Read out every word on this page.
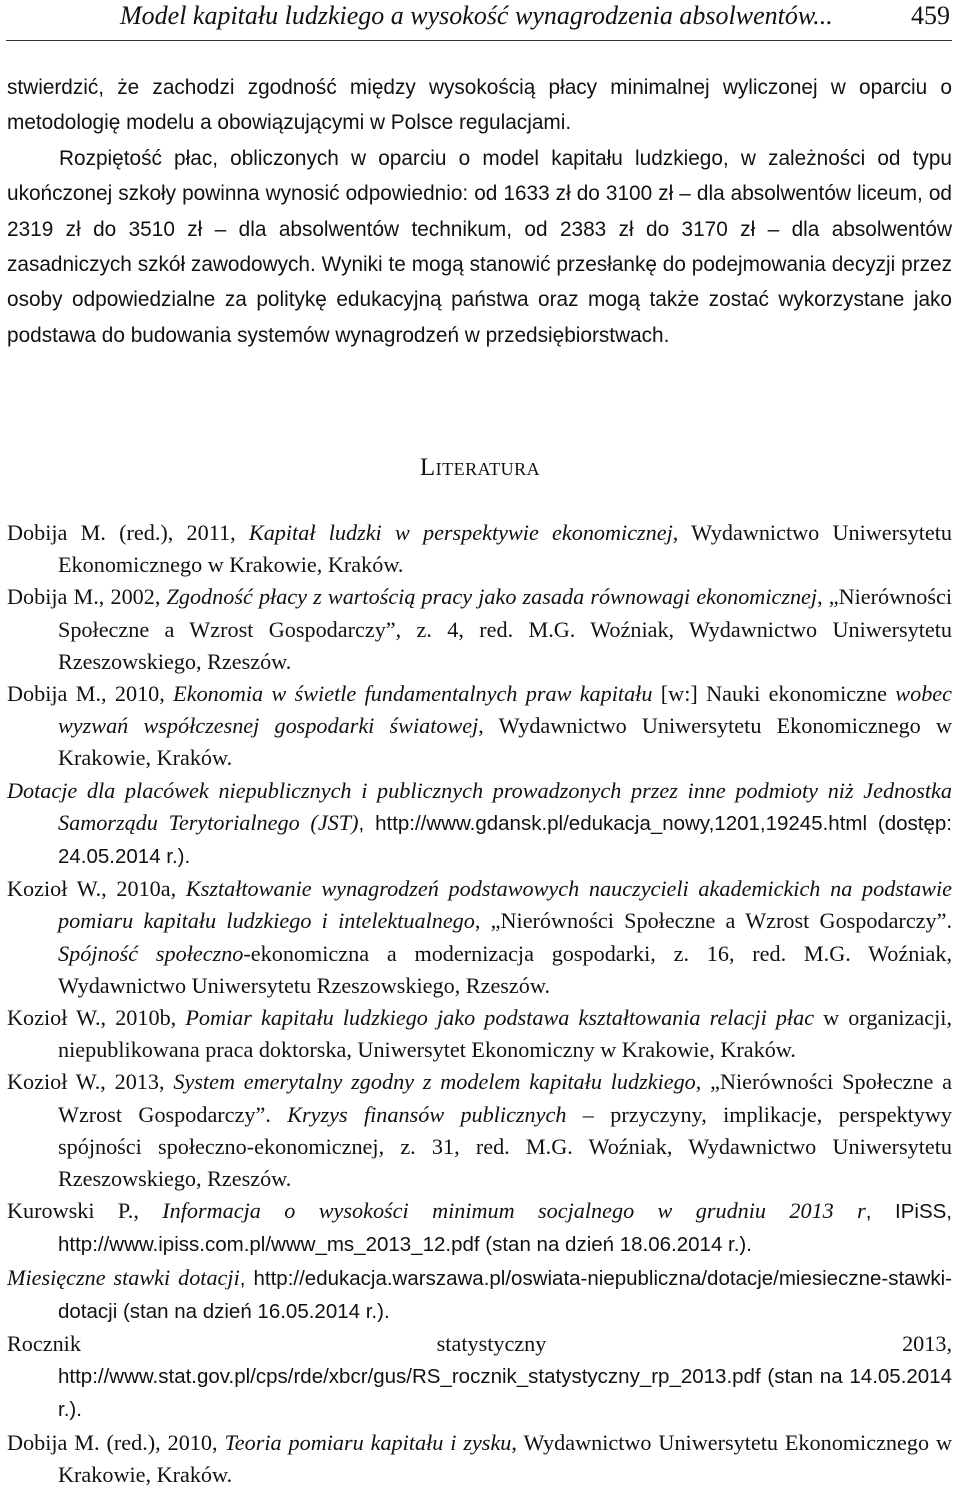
Model kapitału ludzkiego a wysokość wynagrodzenia absolwentów...	459

stwierdzić, że zachodzi zgodność między wysokością płacy minimalnej wyliczonej w oparciu o metodologię modelu a obowiązującymi w Polsce regulacjami.

Rozpiętość płac, obliczonych w oparciu o model kapitału ludzkiego, w zależności od typu ukończonej szkoły powinna wynosić odpowiednio: od 1633 zł do 3100 zł – dla absolwentów liceum, od 2319 zł do 3510 zł – dla absolwentów technikum, od 2383 zł do 3170 zł – dla absolwentów zasadniczych szkół zawodowych. Wyniki te mogą stanowić przesłankę do podejmowania decyzji przez osoby odpowiedzialne za politykę edukacyjną państwa oraz mogą także zostać wykorzystane jako podstawa do budowania systemów wynagrodzeń w przedsiębiorstwach.

Literatura

Dobija M. (red.), 2011, Kapitał ludzki w perspektywie ekonomicznej, Wydawnictwo Uniwersytetu Ekonomicznego w Krakowie, Kraków.

Dobija M., 2002, Zgodność płacy z wartością pracy jako zasada równowagi ekonomicznej, „Nierówności Społeczne a Wzrost Gospodarczy”, z. 4, red. M.G. Woźniak, Wydawnictwo Uniwersytetu Rzeszowskiego, Rzeszów.

Dobija M., 2010, Ekonomia w świetle fundamentalnych praw kapitału [w:] Nauki ekonomiczne wobec wyzwań współczesnej gospodarki światowej, Wydawnictwo Uniwersytetu Ekonomicznego w Krakowie, Kraków.

Dotacje dla placówek niepublicznych i publicznych prowadzonych przez inne podmioty niż Jednostka Samorządu Terytorialnego (JST), http://www.gdansk.pl/edukacja_nowy,1201,19245.html (dostęp: 24.05.2014 r.).

Kozioł W., 2010a, Kształtowanie wynagrodzeń podstawowych nauczycieli akademickich na podstawie pomiaru kapitału ludzkiego i intelektualnego, „Nierówności Społeczne a Wzrost Gospodarczy”. Spójność społeczno-ekonomiczna a modernizacja gospodarki, z. 16, red. M.G. Woźniak, Wydawnictwo Uniwersytetu Rzeszowskiego, Rzeszów.

Kozioł W., 2010b, Pomiar kapitału ludzkiego jako podstawa kształtowania relacji płac w organizacji, niepublikowana praca doktorska, Uniwersytet Ekonomiczny w Krakowie, Kraków.

Kozioł W., 2013, System emerytalny zgodny z modelem kapitału ludzkiego, „Nierówności Społeczne a Wzrost Gospodarczy”. Kryzys finansów publicznych – przyczyny, implikacje, perspektywy spójności społeczno-ekonomicznej, z. 31, red. M.G. Woźniak, Wydawnictwo Uniwersytetu Rzeszowskiego, Rzeszów.

Kurowski P., Informacja o wysokości minimum socjalnego w grudniu 2013 r, IPiSS, http://www.ipiss.com.pl/www_ms_2013_12.pdf (stan na dzień 18.06.2014 r.).

Miesięczne stawki dotacji, http://edukacja.warszawa.pl/oswiata-niepubliczna/dotacje/miesieczne-stawki-dotacji (stan na dzień 16.05.2014 r.).

Rocznik statystyczny 2013, http://www.stat.gov.pl/cps/rde/xbcr/gus/RS_rocznik_statystyczny_rp_2013.pdf (stan na 14.05.2014 r.).

Dobija M. (red.), 2010, Teoria pomiaru kapitału i zysku, Wydawnictwo Uniwersytetu Ekonomicznego w Krakowie, Kraków.
